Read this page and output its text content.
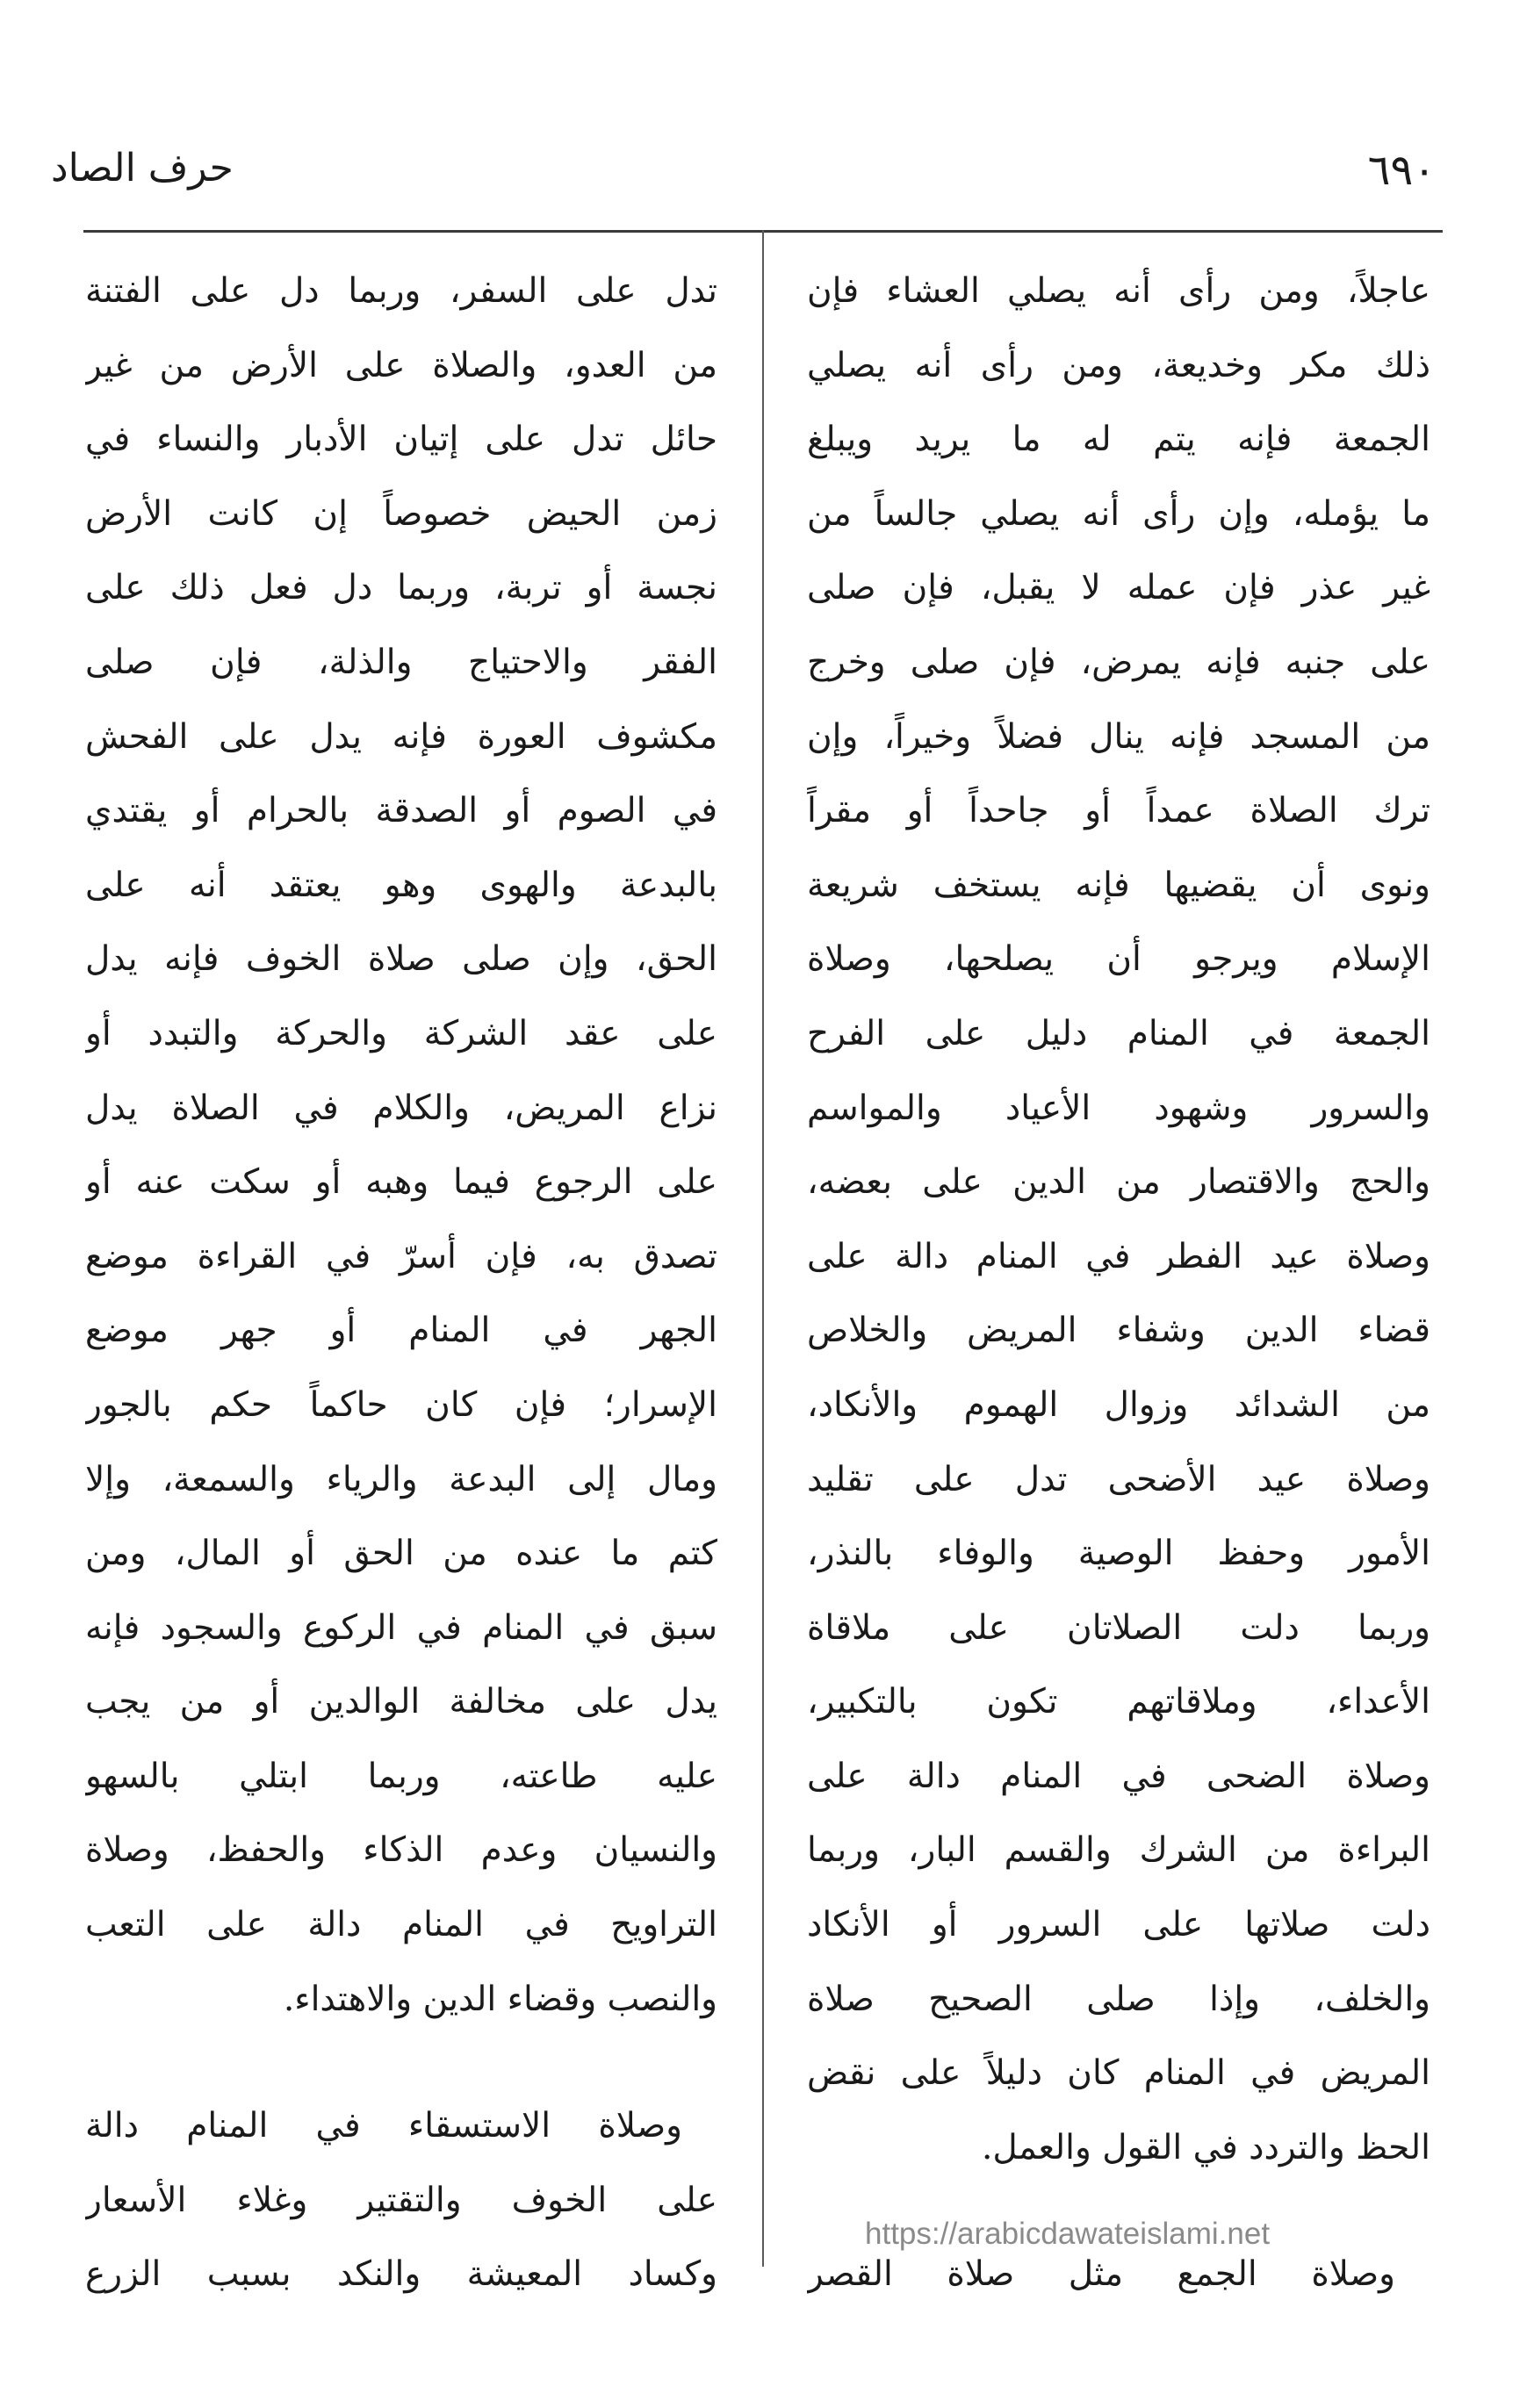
٦٩٠
حرف الصاد
عاجلاً، ومن رأى أنه يصلي العشاء فإن
ذلك مكر وخديعة، ومن رأى أنه يصلي
الجمعة فإنه يتم له ما يريد ويبلغ
ما يؤمله، وإن رأى أنه يصلي جالساً من
غير عذر فإن عمله لا يقبل، فإن صلى
على جنبه فإنه يمرض، فإن صلى وخرج
من المسجد فإنه ينال فضلاً وخيراً، وإن
ترك الصلاة عمداً أو جاحداً أو مقراً
ونوى أن يقضيها فإنه يستخف شريعة
الإسلام ويرجو أن يصلحها، وصلاة
الجمعة في المنام دليل على الفرح
والسرور وشهود الأعياد والمواسم
والحج والاقتصار من الدين على بعضه،
وصلاة عيد الفطر في المنام دالة على
قضاء الدين وشفاء المريض والخلاص
من الشدائد وزوال الهموم والأنكاد،
وصلاة عيد الأضحى تدل على تقليد
الأمور وحفظ الوصية والوفاء بالنذر،
وربما دلت الصلاتان على ملاقاة
الأعداء، وملاقاتهم تكون بالتكبير،
وصلاة الضحى في المنام دالة على
البراءة من الشرك والقسم البار، وربما
دلت صلاتها على السرور أو الأنكاد
والخلف، وإذا صلى الصحيح صلاة
المريض في المنام كان دليلاً على نقض
الحظ والتردد في القول والعمل.
وصلاة الجمع مثل صلاة القصر
تدل على السفر، وربما دل على الفتنة
من العدو، والصلاة على الأرض من غير
حائل تدل على إتيان الأدبار والنساء في
زمن الحيض خصوصاً إن كانت الأرض
نجسة أو تربة، وربما دل فعل ذلك على
الفقر والاحتياج والذلة، فإن صلى
مكشوف العورة فإنه يدل على الفحش
في الصوم أو الصدقة بالحرام أو يقتدي
بالبدعة والهوى وهو يعتقد أنه على
الحق، وإن صلى صلاة الخوف فإنه يدل
على عقد الشركة والحركة والتبدد أو
نزاع المريض، والكلام في الصلاة يدل
على الرجوع فيما وهبه أو سكت عنه أو
تصدق به، فإن أسرّ في القراءة موضع
الجهر في المنام أو جهر موضع
الإسرار؛ فإن كان حاكماً حكم بالجور
ومال إلى البدعة والرياء والسمعة، وإلا
كتم ما عنده من الحق أو المال، ومن
سبق في المنام في الركوع والسجود فإنه
يدل على مخالفة الوالدين أو من يجب
عليه طاعته، وربما ابتلي بالسهو
والنسيان وعدم الذكاء والحفظ، وصلاة
التراويح في المنام دالة على التعب
والنصب وقضاء الدين والاهتداء.
وصلاة الاستسقاء في المنام دالة
على الخوف والتقتير وغلاء الأسعار
وكساد المعيشة والنكد بسبب الزرع
https://arabicdawateislami.net
